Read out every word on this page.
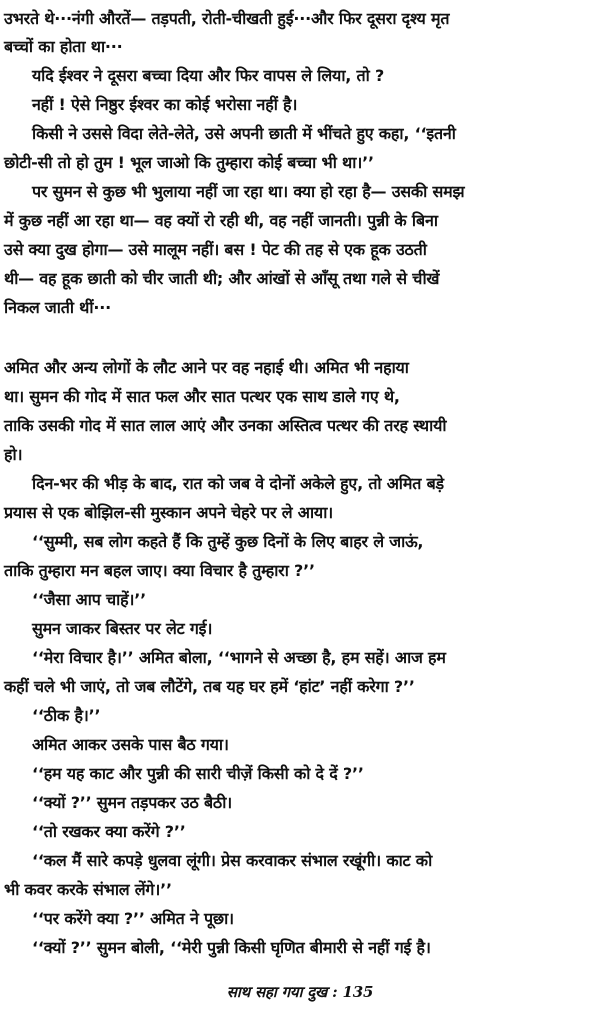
उभरते थे···नंगी औरतें— तड़पती, रोती-चीखती हुई···और फिर दूसरा दृश्य मृत
बच्चों का होता था···
यदि ईश्वर ने दूसरा बच्चा दिया और फिर वापस ले लिया, तो ?
नहीं ! ऐसे निष्ठुर ईश्वर का कोई भरोसा नहीं है।
किसी ने उससे विदा लेते-लेते, उसे अपनी छाती में भींचते हुए कहा, ‘‘इतनी
छोटी-सी तो हो तुम ! भूल जाओ कि तुम्हारा कोई बच्चा भी था।’’
पर सुमन से कुछ भी भुलाया नहीं जा रहा था। क्या हो रहा है— उसकी समझ
में कुछ नहीं आ रहा था— वह क्यों रो रही थी, वह नहीं जानती। पुन्नी के बिना
उसे क्या दुख होगा— उसे मालूम नहीं। बस ! पेट की तह से एक हूक उठती
थी— वह हूक छाती को चीर जाती थी; और आंखों से आँसू तथा गले से चीखें
निकल जाती थीं···
अमित और अन्य लोगों के लौट आने पर वह नहाई थी। अमित भी नहाया
था। सुमन की गोद में सात फल और सात पत्थर एक साथ डाले गए थे,
ताकि उसकी गोद में सात लाल आएं और उनका अस्तित्व पत्थर की तरह स्थायी
हो।
दिन-भर की भीड़ के बाद, रात को जब वे दोनों अकेले हुए, तो अमित बड़े
प्रयास से एक बोझिल-सी मुस्कान अपने चेहरे पर ले आया।
‘‘सुम्मी, सब लोग कहते हैं कि तुम्हें कुछ दिनों के लिए बाहर ले जाऊं,
ताकि तुम्हारा मन बहल जाए। क्या विचार है तुम्हारा ?’’
‘‘जैसा आप चाहें।’’
सुमन जाकर बिस्तर पर लेट गई।
‘‘मेरा विचार है।’’ अमित बोला, ‘‘भागने से अच्छा है, हम सहें। आज हम
कहीं चले भी जाएं, तो जब लौटेंगे, तब यह घर हमें ‘हांट’ नहीं करेगा ?’’
‘‘ठीक है।’’
अमित आकर उसके पास बैठ गया।
‘‘हम यह काट और पुन्नी की सारी चीज़ें किसी को दे दें ?’’
‘‘क्यों ?’’ सुमन तड़पकर उठ बैठी।
‘‘तो रखकर क्या करेंगे ?’’
‘‘कल मैं सारे कपड़े धुलवा लूंगी। प्रेस करवाकर संभाल रखूंगी। काट को
भी कवर करके संभाल लेंगे।’’
‘‘पर करेंगे क्या ?’’ अमित ने पूछा।
‘‘क्यों ?’’ सुमन बोली, ‘‘मेरी पुन्नी किसी घृणित बीमारी से नहीं गई है।
साथ सहा गया दुख : 135
